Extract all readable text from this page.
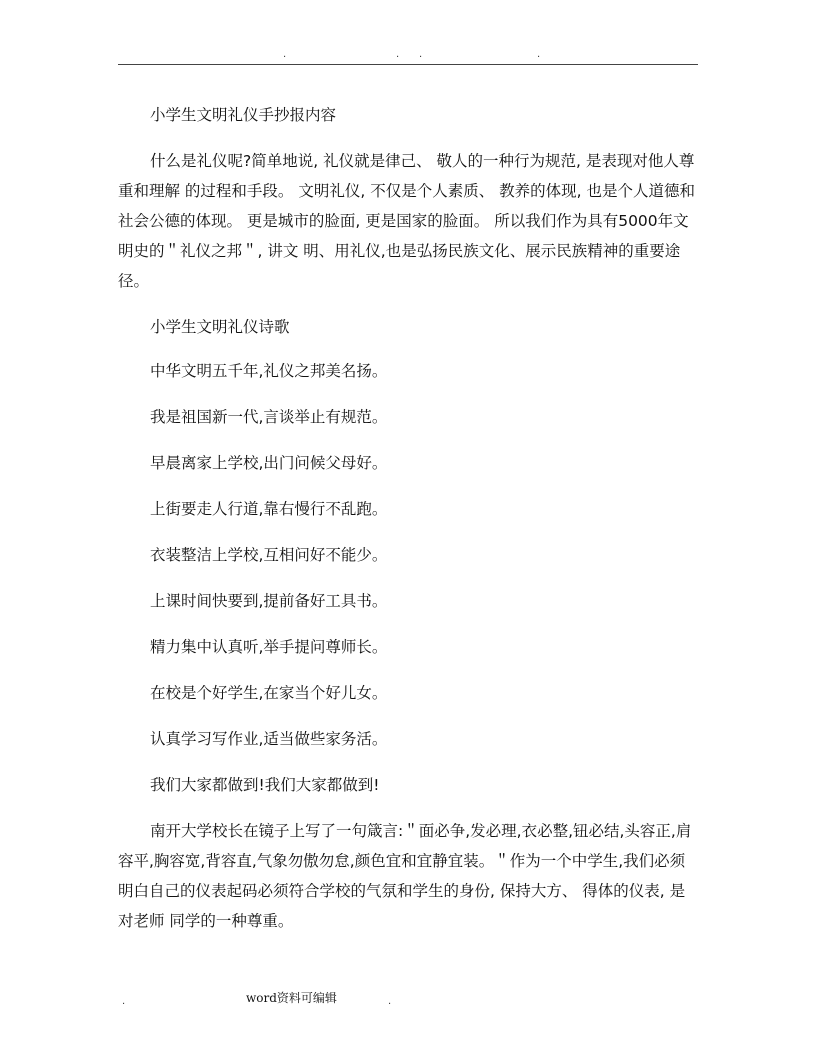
.	. .	.

小学生文明礼仪手抄报内容

什么是礼仪呢?简单地说, 礼仪就是律己、 敬人的一种行为规范, 是表现对他人尊重和理解 的过程和手段。 文明礼仪, 不仅是个人素质、 教养的体现, 也是个人道德和社会公德的体现。 更是城市的脸面, 更是国家的脸面。 所以我们作为具有5000年文明史的＂礼仪之邦＂, 讲文 明、用礼仪,也是弘扬民族文化、展示民族精神的重要途径。

小学生文明礼仪诗歌

中华文明五千年,礼仪之邦美名扬。

我是祖国新一代,言谈举止有规范。

早晨离家上学校,出门问候父母好。

上街要走人行道,靠右慢行不乱跑。

衣装整洁上学校,互相问好不能少。

上课时间快要到,提前备好工具书。

精力集中认真听,举手提问尊师长。

在校是个好学生,在家当个好儿女。

认真学习写作业,适当做些家务活。

我们大家都做到!我们大家都做到!

南开大学校长在镜子上写了一句箴言:＂面必争,发必理,衣必整,钮必结,头容正,肩 容平,胸容宽,背容直,气象勿傲勿怠,颜色宜和宜静宜装。＂作为一个中学生,我们必须 明白自己的仪表起码必须符合学校的气氛和学生的身份, 保持大方、 得体的仪表, 是对老师 同学的一种尊重。

.	word资料可编辑	.
